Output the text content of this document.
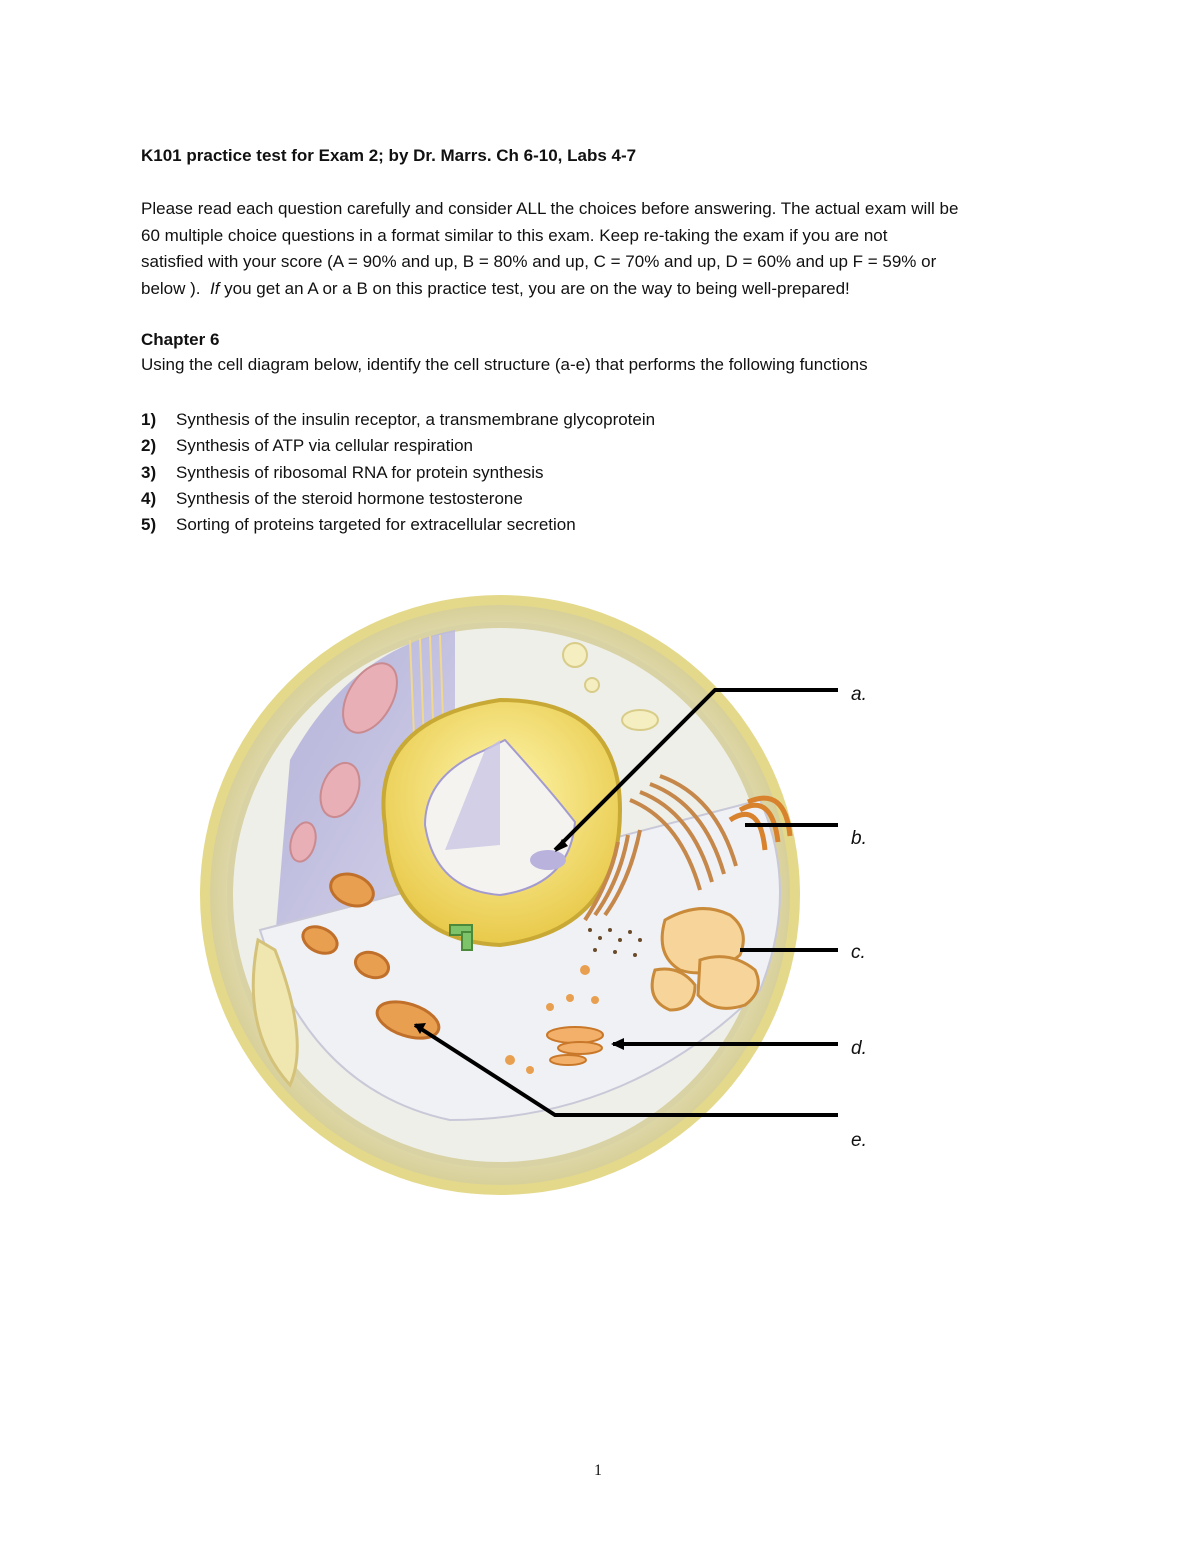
K101 practice test for Exam 2; by Dr. Marrs. Ch 6-10, Labs 4-7
Please read each question carefully and consider ALL the choices before answering. The actual exam will be
60 multiple choice questions in a format similar to this exam. Keep re-taking the exam if you are not
satisfied with your score (A = 90% and up, B = 80% and up, C = 70% and up, D = 60% and up F = 59% or
below ).  If you get an A or a B on this practice test, you are on the way to being well-prepared!
Chapter 6
Using the cell diagram below, identify the cell structure (a-e) that performs the following functions
1) Synthesis of the insulin receptor, a transmembrane glycoprotein
2) Synthesis of ATP via cellular respiration
3) Synthesis of ribosomal RNA for protein synthesis
4) Synthesis of the steroid hormone testosterone
5) Sorting of proteins targeted for extracellular secretion
a.
b.
c.
d.
e.
1
